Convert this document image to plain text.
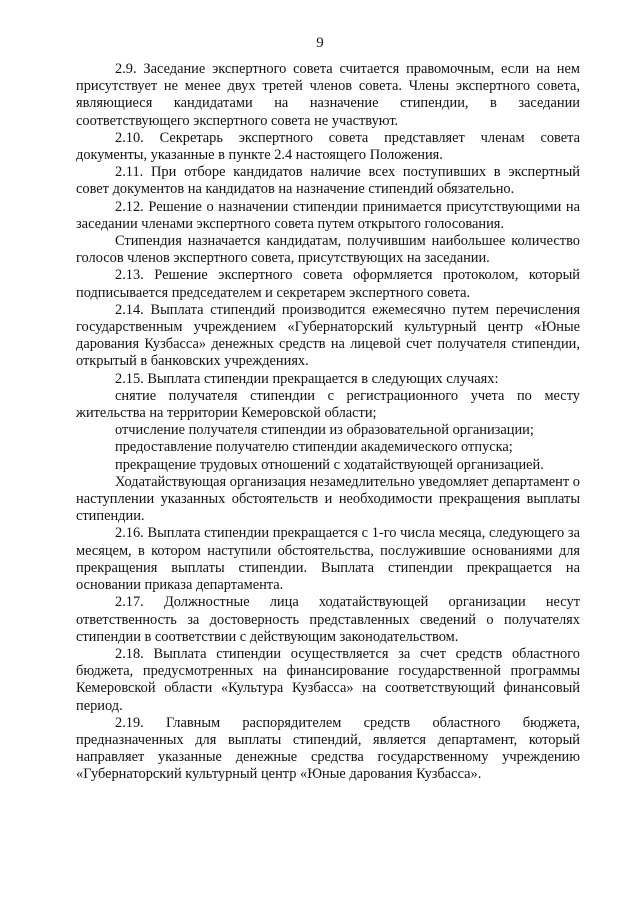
9

2.9. Заседание экспертного совета считается правомочным, если на нем присутствует не менее двух третей членов совета. Члены экспертного совета, являющиеся кандидатами на назначение стипендии, в заседании соответствующего экспертного совета не участвуют.

2.10. Секретарь экспертного совета представляет членам совета документы, указанные в пункте 2.4 настоящего Положения.

2.11. При отборе кандидатов наличие всех поступивших в экспертный совет документов на кандидатов на назначение стипендий обязательно.

2.12. Решение о назначении стипендии принимается присутствующими на заседании членами экспертного совета путем открытого голосования.

Стипендия назначается кандидатам, получившим наибольшее количество голосов членов экспертного совета, присутствующих на заседании.

2.13. Решение экспертного совета оформляется протоколом, который подписывается председателем и секретарем экспертного совета.

2.14. Выплата стипендий производится ежемесячно путем перечисления государственным учреждением «Губернаторский культурный центр «Юные дарования Кузбасса» денежных средств на лицевой счет получателя стипендии, открытый в банковских учреждениях.

2.15. Выплата стипендии прекращается в следующих случаях:

снятие получателя стипендии с регистрационного учета по месту жительства на территории Кемеровской области;

отчисление получателя стипендии из образовательной организации;

предоставление получателю стипендии академического отпуска;

прекращение трудовых отношений с ходатайствующей организацией.

Ходатайствующая организация незамедлительно уведомляет департамент о наступлении указанных обстоятельств и необходимости прекращения выплаты стипендии.

2.16. Выплата стипендии прекращается с 1-го числа месяца, следующего за месяцем, в котором наступили обстоятельства, послужившие основаниями для прекращения выплаты стипендии. Выплата стипендии прекращается на основании приказа департамента.

2.17. Должностные лица ходатайствующей организации несут ответственность за достоверность представленных сведений о получателях стипендии в соответствии с действующим законодательством.

2.18. Выплата стипендии осуществляется за счет средств областного бюджета, предусмотренных на финансирование государственной программы Кемеровской области «Культура Кузбасса» на соответствующий финансовый период.

2.19. Главным распорядителем средств областного бюджета, предназначенных для выплаты стипендий, является департамент, который направляет указанные денежные средства государственному учреждению «Губернаторский культурный центр «Юные дарования Кузбасса».
